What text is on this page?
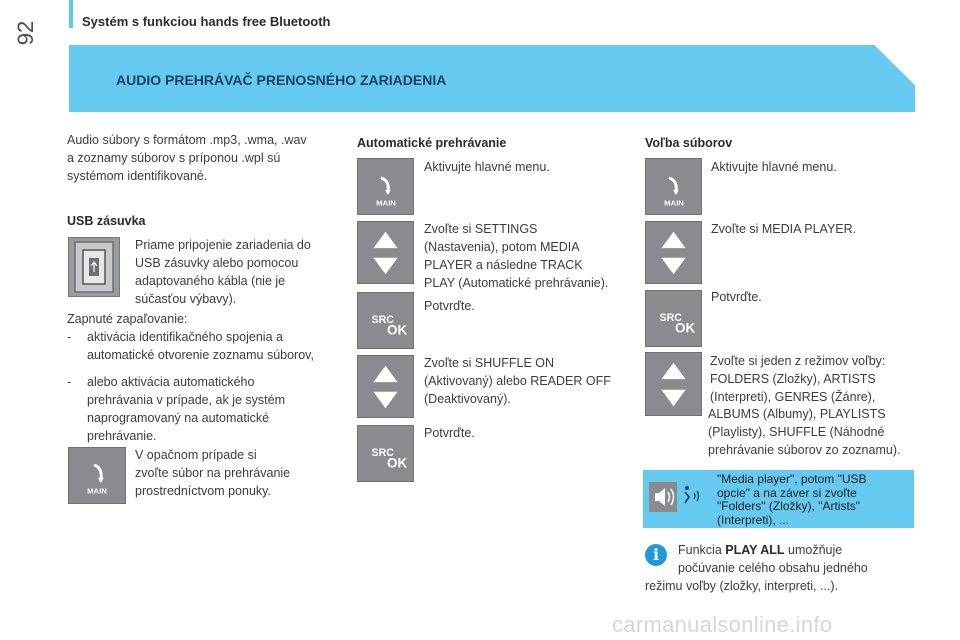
92	Systém s funkciou hands free Bluetooth
AUDIO PREHRÁVAČ PRENOSNÉHO ZARIADENIA
Audio súbory s formátom .mp3, .wma, .wav
a zoznamy súborov s príponou .wpl sú
systémom identifikované.
USB zásuvka
Priame pripojenie zariadenia do
USB zásuvky alebo pomocou
adaptovaného kábla (nie je
súčasťou výbavy).
Zapnuté zapaľovanie:
-	aktivácia identifikačného spojenia a
automatické otvorenie zoznamu súborov,
-	alebo aktivácia automatického
prehrávania v prípade, ak je systém
naprogramovaný na automatické
prehrávanie.
MAIN
V opačnom prípade si
zvoľte súbor na prehrávanie
prostredníctvom ponuky.
Automatické prehrávanie
MAIN
Aktivujte hlavné menu.
Zvoľte si SETTINGS
(Nastavenia), potom MEDIA
PLAYER a následne TRACK
PLAY (Automatické prehrávanie).
SRC
OK
Potvrďte.
Zvoľte si SHUFFLE ON
(Aktivovaný) alebo READER OFF
(Deaktivovaný).
SRC
OK
Potvrďte.
Voľba súborov
MAIN
Aktivujte hlavné menu.
Zvoľte si MEDIA PLAYER.
SRC
OK
Potvrďte.
Zvoľte si jeden z režimov voľby:
FOLDERS (Zložky), ARTISTS
(Interpreti), GENRES (Žánre),
ALBUMS (Albumy), PLAYLISTS
(Playlisty), SHUFFLE (Náhodné
prehrávanie súborov zo zoznamu).
"Media player", potom "USB
opcie" a na záver si zvoľte
"Folders" (Zložky), "Artists"
(Interpreti), ...
i	Funkcia PLAY ALL umožňuje
počúvanie celého obsahu jedného
režimu voľby (zložky, interpreti, ...).
carmanualsonline.info
